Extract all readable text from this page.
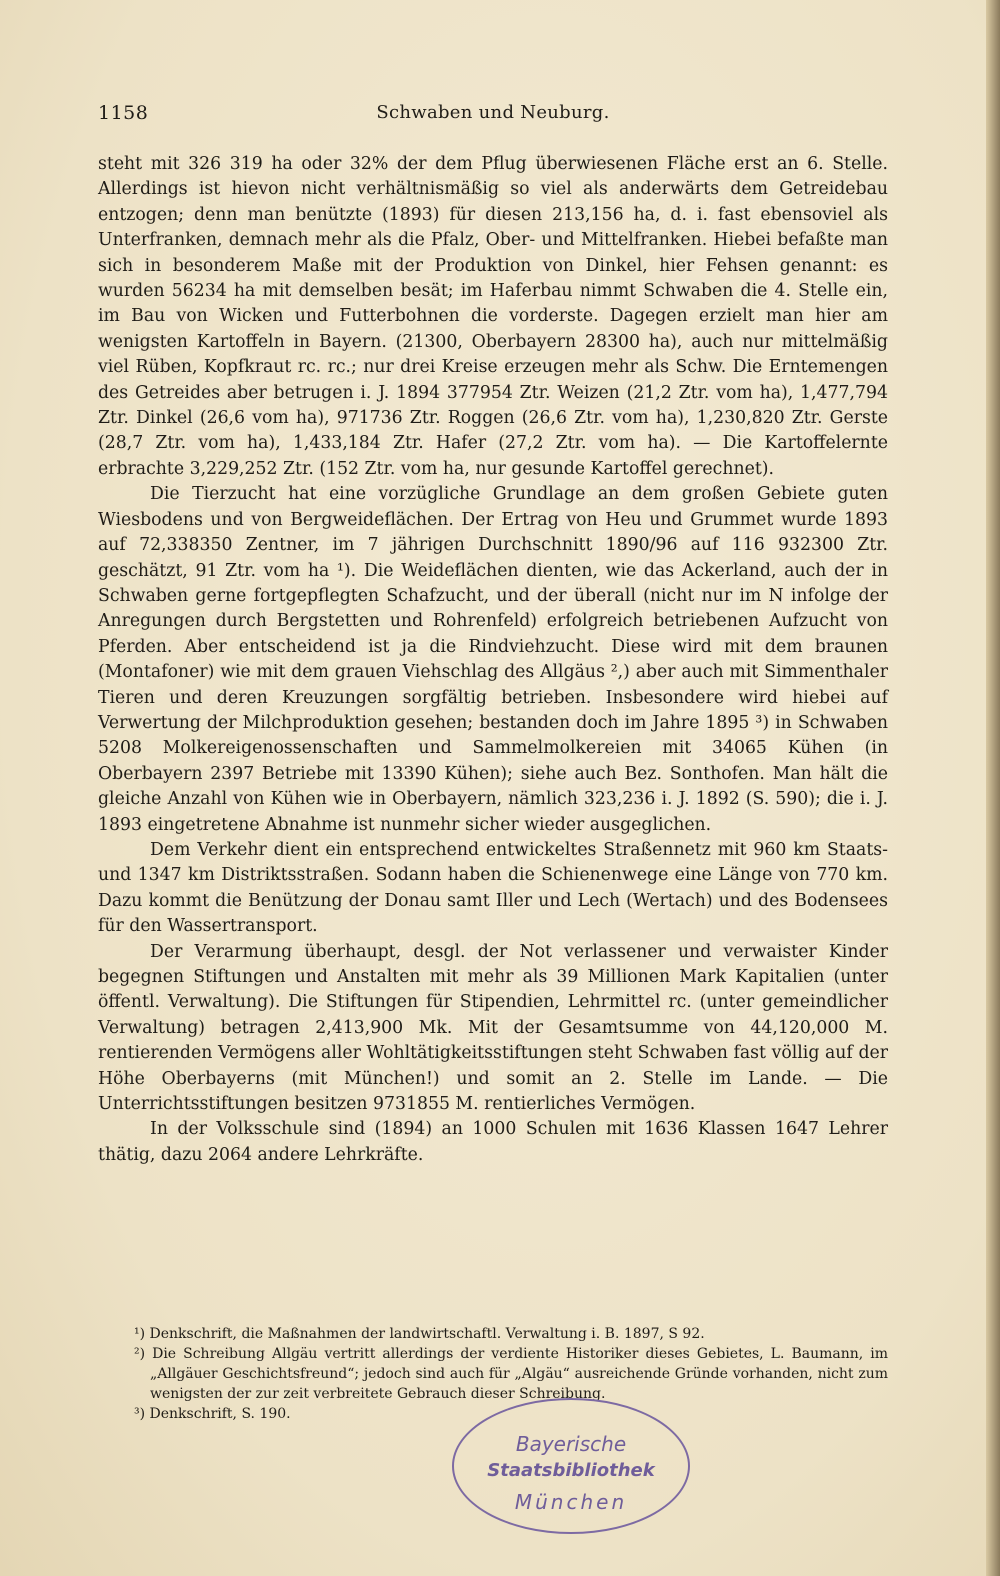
1158	Schwaben und Neuburg.

steht mit 326 319 ha oder 32% der dem Pflug überwiesenen Fläche erst an 6. Stelle. Allerdings ist hievon nicht verhältnismäßig so viel als anderwärts dem Getreidebau entzogen; denn man benützte (1893) für diesen 213,156 ha, d. i. fast ebensoviel als Unterfranken, demnach mehr als die Pfalz, Ober- und Mittelfranken. Hiebei befaßte man sich in besonderem Maße mit der Produktion von Dinkel, hier Fehsen genannt: es wurden 56234 ha mit demselben besät; im Haferbau nimmt Schwaben die 4. Stelle ein, im Bau von Wicken und Futterbohnen die vorderste. Dagegen erzielt man hier am wenigsten Kartoffeln in Bayern. (21300, Oberbayern 28300 ha), auch nur mittelmäßig viel Rüben, Kopfkraut rc. rc.; nur drei Kreise erzeugen mehr als Schw. Die Erntemengen des Getreides aber betrugen i. J. 1894 377954 Ztr. Weizen (21,2 Ztr. vom ha), 1,477,794 Ztr. Dinkel (26,6 vom ha), 971736 Ztr. Roggen (26,6 Ztr. vom ha), 1,230,820 Ztr. Gerste (28,7 Ztr. vom ha), 1,433,184 Ztr. Hafer (27,2 Ztr. vom ha). — Die Kartoffelernte erbrachte 3,229,252 Ztr. (152 Ztr. vom ha, nur gesunde Kartoffel gerechnet).

Die Tierzucht hat eine vorzügliche Grundlage an dem großen Gebiete guten Wiesbodens und von Bergweideflächen. Der Ertrag von Heu und Grummet wurde 1893 auf 72,338350 Zentner, im 7 jährigen Durchschnitt 1890/96 auf 116 932300 Ztr. geschätzt, 91 Ztr. vom ha ¹). Die Weideflächen dienten, wie das Ackerland, auch der in Schwaben gerne fortgepflegten Schafzucht, und der überall (nicht nur im N infolge der Anregungen durch Bergstetten und Rohrenfeld) erfolgreich betriebenen Aufzucht von Pferden. Aber entscheidend ist ja die Rindviehzucht. Diese wird mit dem braunen (Montafoner) wie mit dem grauen Viehschlag des Allgäus ²,) aber auch mit Simmenthaler Tieren und deren Kreuzungen sorgfältig betrieben. Insbesondere wird hiebei auf Verwertung der Milchproduktion gesehen; bestanden doch im Jahre 1895 ³) in Schwaben 5208 Molkereigenossenschaften und Sammelmolkereien mit 34065 Kühen (in Oberbayern 2397 Betriebe mit 13390 Kühen); siehe auch Bez. Sonthofen. Man hält die gleiche Anzahl von Kühen wie in Oberbayern, nämlich 323,236 i. J. 1892 (S. 590); die i. J. 1893 eingetretene Abnahme ist nunmehr sicher wieder ausgeglichen.

Dem Verkehr dient ein entsprechend entwickeltes Straßennetz mit 960 km Staats- und 1347 km Distriktsstraßen. Sodann haben die Schienenwege eine Länge von 770 km. Dazu kommt die Benützung der Donau samt Iller und Lech (Wertach) und des Bodensees für den Wassertransport.

Der Verarmung überhaupt, desgl. der Not verlassener und verwaister Kinder begegnen Stiftungen und Anstalten mit mehr als 39 Millionen Mark Kapitalien (unter öffentl. Verwaltung). Die Stiftungen für Stipendien, Lehrmittel rc. (unter gemeindlicher Verwaltung) betragen 2,413,900 Mk. Mit der Gesamtsumme von 44,120,000 M. rentierenden Vermögens aller Wohltätigkeitsstiftungen steht Schwaben fast völlig auf der Höhe Oberbayerns (mit München!) und somit an 2. Stelle im Lande. — Die Unterrichtsstiftungen besitzen 9731855 M. rentierliches Vermögen.

In der Volksschule sind (1894) an 1000 Schulen mit 1636 Klassen 1647 Lehrer thätig, dazu 2064 andere Lehrkräfte.

¹) Denkschrift, die Maßnahmen der landwirtschaftl. Verwaltung i. B. 1897, S 92.

²) Die Schreibung Allgäu vertritt allerdings der verdiente Historiker dieses Gebietes, L. Baumann, im „Allgäuer Geschichtsfreund“; jedoch sind auch für „Algäu“ ausreichende Gründe vorhanden, nicht zum wenigsten der zur zeit verbreitete Gebrauch dieser Schreibung.

³) Denkschrift, S. 190.

Bayerische
Staatsbibliothek
München
